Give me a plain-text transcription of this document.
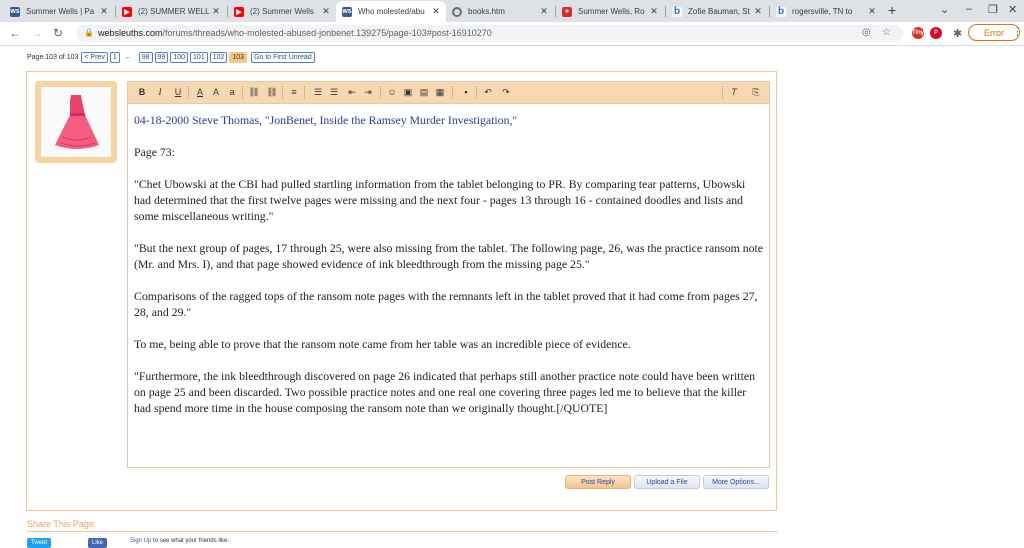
ws Summer Wells | Pa ✕	▶ (2) SUMMER WELL ✕	▶ (2) Summer Wells ✕	ws Who molested/abu ✕	◍ books.htm	✕	●	Summer Wells, Ro ✕ b Zofie Bauman, St ✕ b rogersville, TN to	✕ +	⌄ – ❐ ✕
← → ↻	🔒 websleuths.com/forums/threads/who-molested-abused-jonbenet.139275/page-103#post-16910270	◎ ☆	Tiny	P	✱	Error ⋮
Page 103 of 103 < Prev	1	←	98	99	100	101	102	103	Go to First Unread
B	I	U	A	A	a	⛓ ⛓	≡	☰ ☰ ⇤ ⇥ ☺ ▣ ▤ ▦	▪	↶ ↷	T	⎘

04-18-2000 Steve Thomas, "JonBenet, Inside the Ramsey Murder Investigation,"

Page 73:

"Chet Ubowski at the CBI had pulled startling information from the tablet belonging to PR. By comparing tear patterns, Ubowski had determined that the first twelve pages were missing and the next four - pages 13 through 16 - contained doodles and lists and some miscellaneous writing."

"But the next group of pages, 17 through 25, were also missing from the tablet. The following page, 26, was the practice ransom note (Mr. and Mrs. I), and that page showed evidence of ink bleedthrough from the missing page 25."

Comparisons of the ragged tops of the ransom note pages with the remnants left in the tablet proved that it had come from pages 27, 28, and 29."

To me, being able to prove that the ransom note came from her table was an incredible piece of evidence.

"Furthermore, the ink bleedthrough discovered on page 26 indicated that perhaps still another practice note could have been written on page 25 and been discarded. Two possible practice notes and one real one covering three pages led me to believe that the killer had spend more time in the house composing the ransom note than we originally thought.[/QUOTE]

Post Reply	Upload a File	More Options...
Share This Page
Tweet	Like	Sign Up to see what your friends like.
